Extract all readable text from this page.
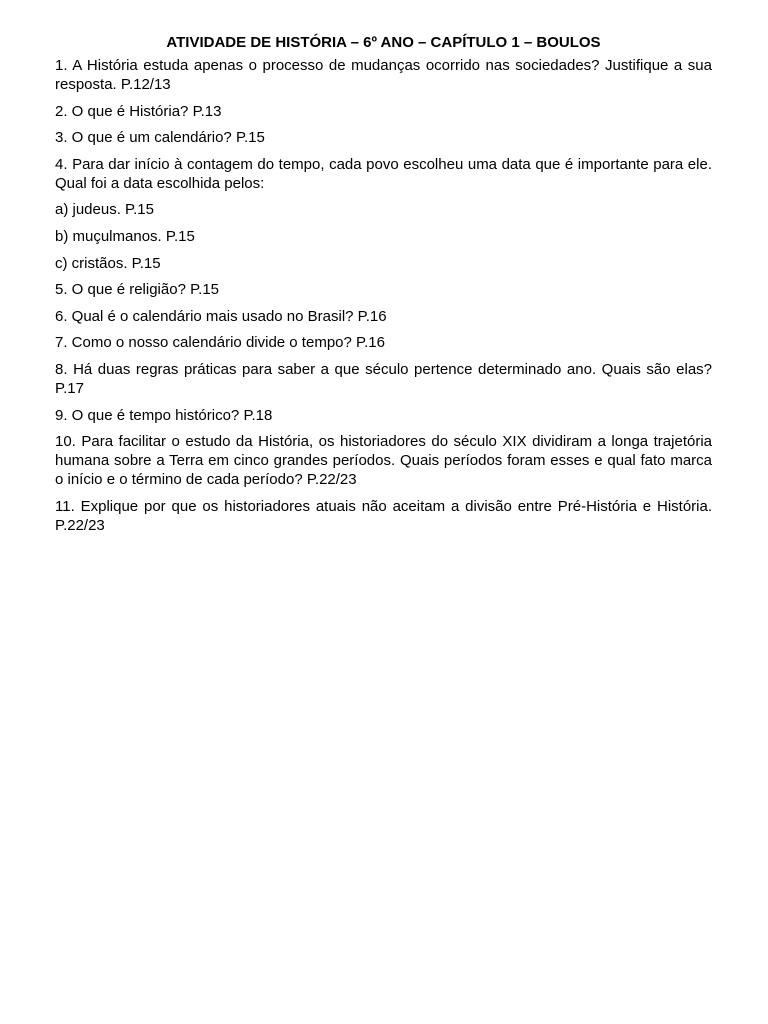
ATIVIDADE DE HISTÓRIA – 6º ANO – CAPÍTULO 1 – BOULOS
1. A História estuda apenas o processo de mudanças ocorrido nas sociedades? Justifique a sua resposta. P.12/13
2. O que é História? P.13
3. O que é um calendário? P.15
4. Para dar início à contagem do tempo, cada povo escolheu uma data que é importante para ele. Qual foi a data escolhida pelos:
a) judeus. P.15
b) muçulmanos. P.15
c) cristãos. P.15
5. O que é religião? P.15
6. Qual é o calendário mais usado no Brasil? P.16
7. Como o nosso calendário divide o tempo? P.16
8. Há duas regras práticas para saber a que século pertence determinado ano. Quais são elas? P.17
9. O que é tempo histórico? P.18
10. Para facilitar o estudo da História, os historiadores do século XIX dividiram a longa trajetória humana sobre a Terra em cinco grandes períodos. Quais períodos foram esses e qual fato marca o início e o término de cada período? P.22/23
11. Explique por que os historiadores atuais não aceitam a divisão entre Pré-História e História. P.22/23
